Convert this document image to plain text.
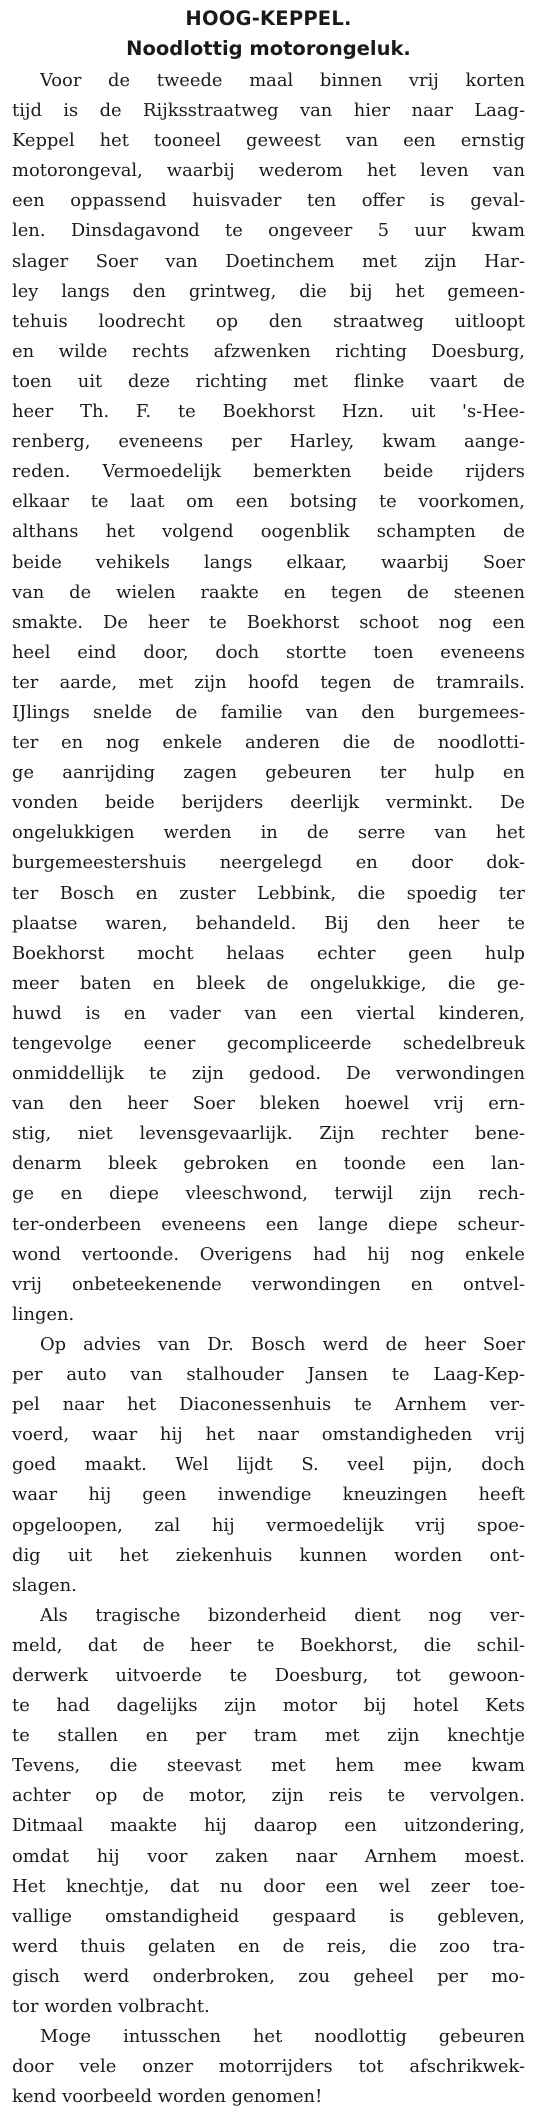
HOOG-KEPPEL.
Noodlottig motorongeluk.
Voor de tweede maal binnen vrij korten
tijd is de Rijksstraatweg van hier naar Laag-
Keppel het tooneel geweest van een ernstig
motorongeval, waarbij wederom het leven van
een oppassend huisvader ten offer is geval-
len. Dinsdagavond te ongeveer 5 uur kwam
slager Soer van Doetinchem met zijn Har-
ley langs den grintweg, die bij het gemeen-
tehuis loodrecht op den straatweg uitloopt
en wilde rechts afzwenken richting Doesburg,
toen uit deze richting met flinke vaart de
heer Th. F. te Boekhorst Hzn. uit 's-Hee-
renberg, eveneens per Harley, kwam aange-
reden. Vermoedelijk bemerkten beide rijders
elkaar te laat om een botsing te voorkomen,
althans het volgend oogenblik schampten de
beide vehikels langs elkaar, waarbij Soer
van de wielen raakte en tegen de steenen
smakte. De heer te Boekhorst schoot nog een
heel eind door, doch stortte toen eveneens
ter aarde, met zijn hoofd tegen de tramrails.
IJlings snelde de familie van den burgemees-
ter en nog enkele anderen die de noodlotti-
ge aanrijding zagen gebeuren ter hulp en
vonden beide berijders deerlijk verminkt. De
ongelukkigen werden in de serre van het
burgemeestershuis neergelegd en door dok-
ter Bosch en zuster Lebbink, die spoedig ter
plaatse waren, behandeld. Bij den heer te
Boekhorst mocht helaas echter geen hulp
meer baten en bleek de ongelukkige, die ge-
huwd is en vader van een viertal kinderen,
tengevolge eener gecompliceerde schedelbreuk
onmiddellijk te zijn gedood. De verwondingen
van den heer Soer bleken hoewel vrij ern-
stig, niet levensgevaarlijk. Zijn rechter bene-
denarm bleek gebroken en toonde een lan-
ge en diepe vleeschwond, terwijl zijn rech-
ter-onderbeen eveneens een lange diepe scheur-
wond vertoonde. Overigens had hij nog enkele
vrij onbeteekenende verwondingen en ontvel-
lingen.
Op advies van Dr. Bosch werd de heer Soer
per auto van stalhouder Jansen te Laag-Kep-
pel naar het Diaconessenhuis te Arnhem ver-
voerd, waar hij het naar omstandigheden vrij
goed maakt. Wel lijdt S. veel pijn, doch
waar hij geen inwendige kneuzingen heeft
opgeloopen, zal hij vermoedelijk vrij spoe-
dig uit het ziekenhuis kunnen worden ont-
slagen.
Als tragische bizonderheid dient nog ver-
meld, dat de heer te Boekhorst, die schil-
derwerk uitvoerde te Doesburg, tot gewoon-
te had dagelijks zijn motor bij hotel Kets
te stallen en per tram met zijn knechtje
Tevens, die steevast met hem mee kwam
achter op de motor, zijn reis te vervolgen.
Ditmaal maakte hij daarop een uitzondering,
omdat hij voor zaken naar Arnhem moest.
Het knechtje, dat nu door een wel zeer toe-
vallige omstandigheid gespaard is gebleven,
werd thuis gelaten en de reis, die zoo tra-
gisch werd onderbroken, zou geheel per mo-
tor worden volbracht.
Moge intusschen het noodlottig gebeuren
door vele onzer motorrijders tot afschrikwek-
kend voorbeeld worden genomen!
